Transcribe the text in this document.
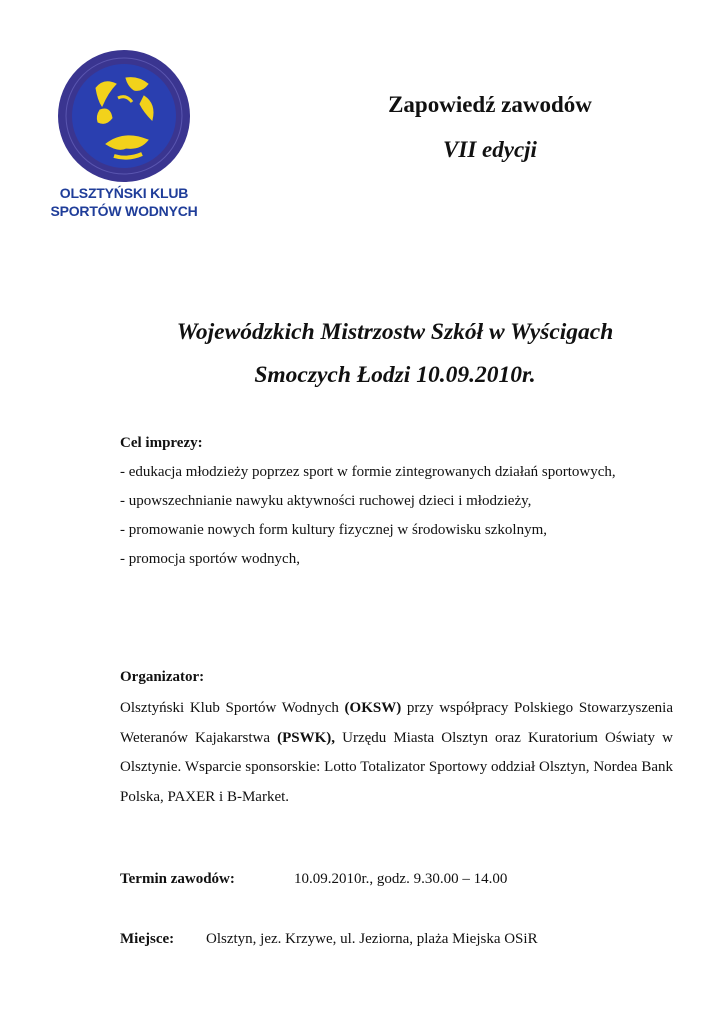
OLSZTYŃSKI KLUB
SPORTÓW WODNYCH
Zapowiedź zawodów
VII edycji
Wojewódzkich Mistrzostw Szkół w Wyścigach
Smoczych Łodzi 10.09.2010r.
Cel imprezy:
- edukacja młodzieży poprzez sport w formie zintegrowanych działań sportowych,
- upowszechnianie nawyku aktywności ruchowej dzieci i młodzieży,
- promowanie nowych form kultury fizycznej w środowisku szkolnym,
- promocja sportów wodnych,
Organizator:
Olsztyński Klub Sportów Wodnych (OKSW) przy współpracy Polskiego Stowarzyszenia Weteranów Kajakarstwa (PSWK), Urzędu Miasta Olsztyn oraz Kuratorium Oświaty w Olsztynie. Wsparcie sponsorskie: Lotto Totalizator Sportowy oddział Olsztyn, Nordea Bank Polska, PAXER i B-Market.
Termin zawodów:	10.09.2010r., godz. 9.30.00 – 14.00
Miejsce: Olsztyn, jez. Krzywe, ul. Jeziorna, plaża Miejska OSiR
